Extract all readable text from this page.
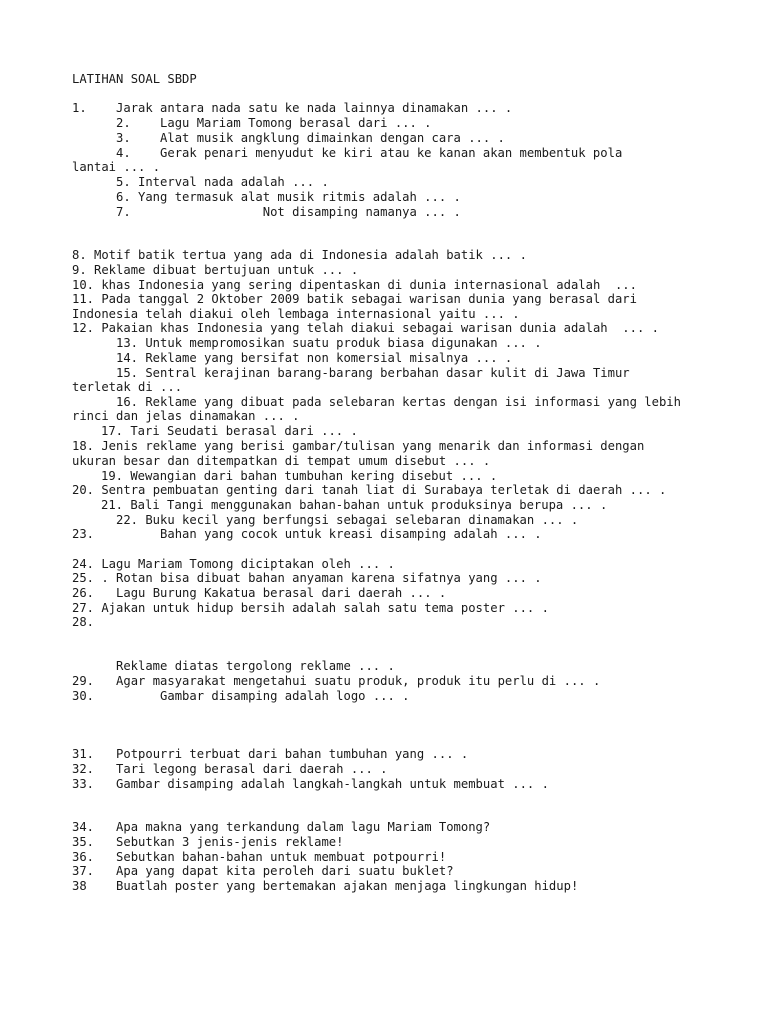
LATIHAN SOAL SBDP
1.    Jarak antara nada satu ke nada lainnya dinamakan ... .
2.    Lagu Mariam Tomong berasal dari ... .
3.    Alat musik angklung dimainkan dengan cara ... .
4.    Gerak penari menyudut ke kiri atau ke kanan akan membentuk pola
lantai ... .
5. Interval nada adalah ... .
6. Yang termasuk alat musik ritmis adalah ... .
7.                  Not disamping namanya ... .
8. Motif batik tertua yang ada di Indonesia adalah batik ... .
9. Reklame dibuat bertujuan untuk ... .
10. khas Indonesia yang sering dipentaskan di dunia internasional adalah  ...
11. Pada tanggal 2 Oktober 2009 batik sebagai warisan dunia yang berasal dari
Indonesia telah diakui oleh lembaga internasional yaitu ... .
12. Pakaian khas Indonesia yang telah diakui sebagai warisan dunia adalah  ... .
13. Untuk mempromosikan suatu produk biasa digunakan ... .
14. Reklame yang bersifat non komersial misalnya ... .
15. Sentral kerajinan barang-barang berbahan dasar kulit di Jawa Timur
terletak di ...
16. Reklame yang dibuat pada selebaran kertas dengan isi informasi yang lebih
rinci dan jelas dinamakan ... .
17. Tari Seudati berasal dari ... .
18. Jenis reklame yang berisi gambar/tulisan yang menarik dan informasi dengan
ukuran besar dan ditempatkan di tempat umum disebut ... .
19. Wewangian dari bahan tumbuhan kering disebut ... .
20. Sentra pembuatan genting dari tanah liat di Surabaya terletak di daerah ... .
21. Bali Tangi menggunakan bahan-bahan untuk produksinya berupa ... .
22. Buku kecil yang berfungsi sebagai selebaran dinamakan ... .
23.         Bahan yang cocok untuk kreasi disamping adalah ... .
24. Lagu Mariam Tomong diciptakan oleh ... .
25. . Rotan bisa dibuat bahan anyaman karena sifatnya yang ... .
26.   Lagu Burung Kakatua berasal dari daerah ... .
27. Ajakan untuk hidup bersih adalah salah satu tema poster ... .
28.
Reklame diatas tergolong reklame ... .
29.   Agar masyarakat mengetahui suatu produk, produk itu perlu di ... .
30.         Gambar disamping adalah logo ... .
31.   Potpourri terbuat dari bahan tumbuhan yang ... .
32.   Tari legong berasal dari daerah ... .
33.   Gambar disamping adalah langkah-langkah untuk membuat ... .
34.   Apa makna yang terkandung dalam lagu Mariam Tomong?
35.   Sebutkan 3 jenis-jenis reklame!
36.   Sebutkan bahan-bahan untuk membuat potpourri!
37.   Apa yang dapat kita peroleh dari suatu buklet?
38    Buatlah poster yang bertemakan ajakan menjaga lingkungan hidup!
